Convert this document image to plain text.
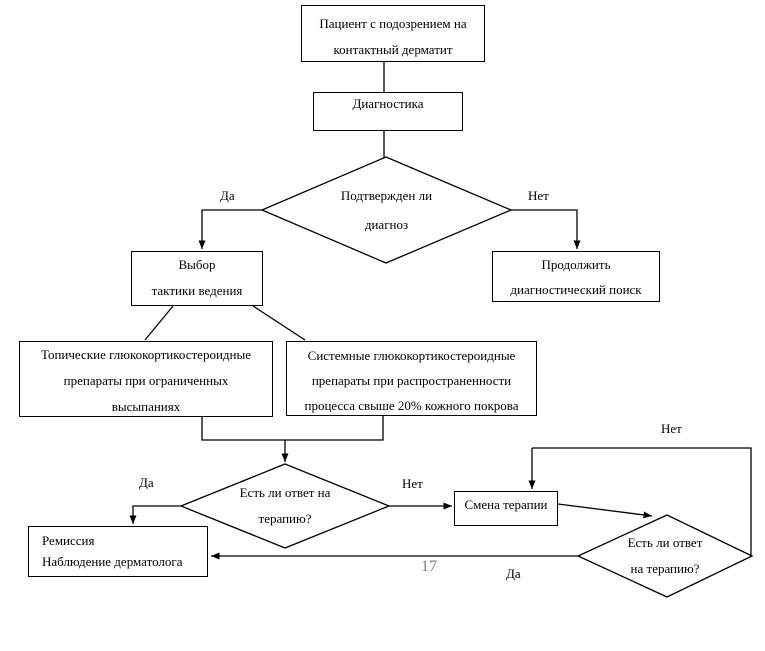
Пациент с подозрением на
контактный дерматит
Диагностика
Выбор
тактики ведения
Продолжить
диагностический поиск
Топические глюкокортикостероидные
препараты при ограниченных
высыпаниях
Системные глюкокортикостероидные
препараты при распространенности
процесса свыше 20% кожного покрова
Ремиссия
Наблюдение дерматолога
Смена терапии
Подтвержден ли
диагноз
Есть ли ответ на
терапию?
Есть ли ответ
на терапию?
Да	Нет
Да	Нет
Нет
Да
17
